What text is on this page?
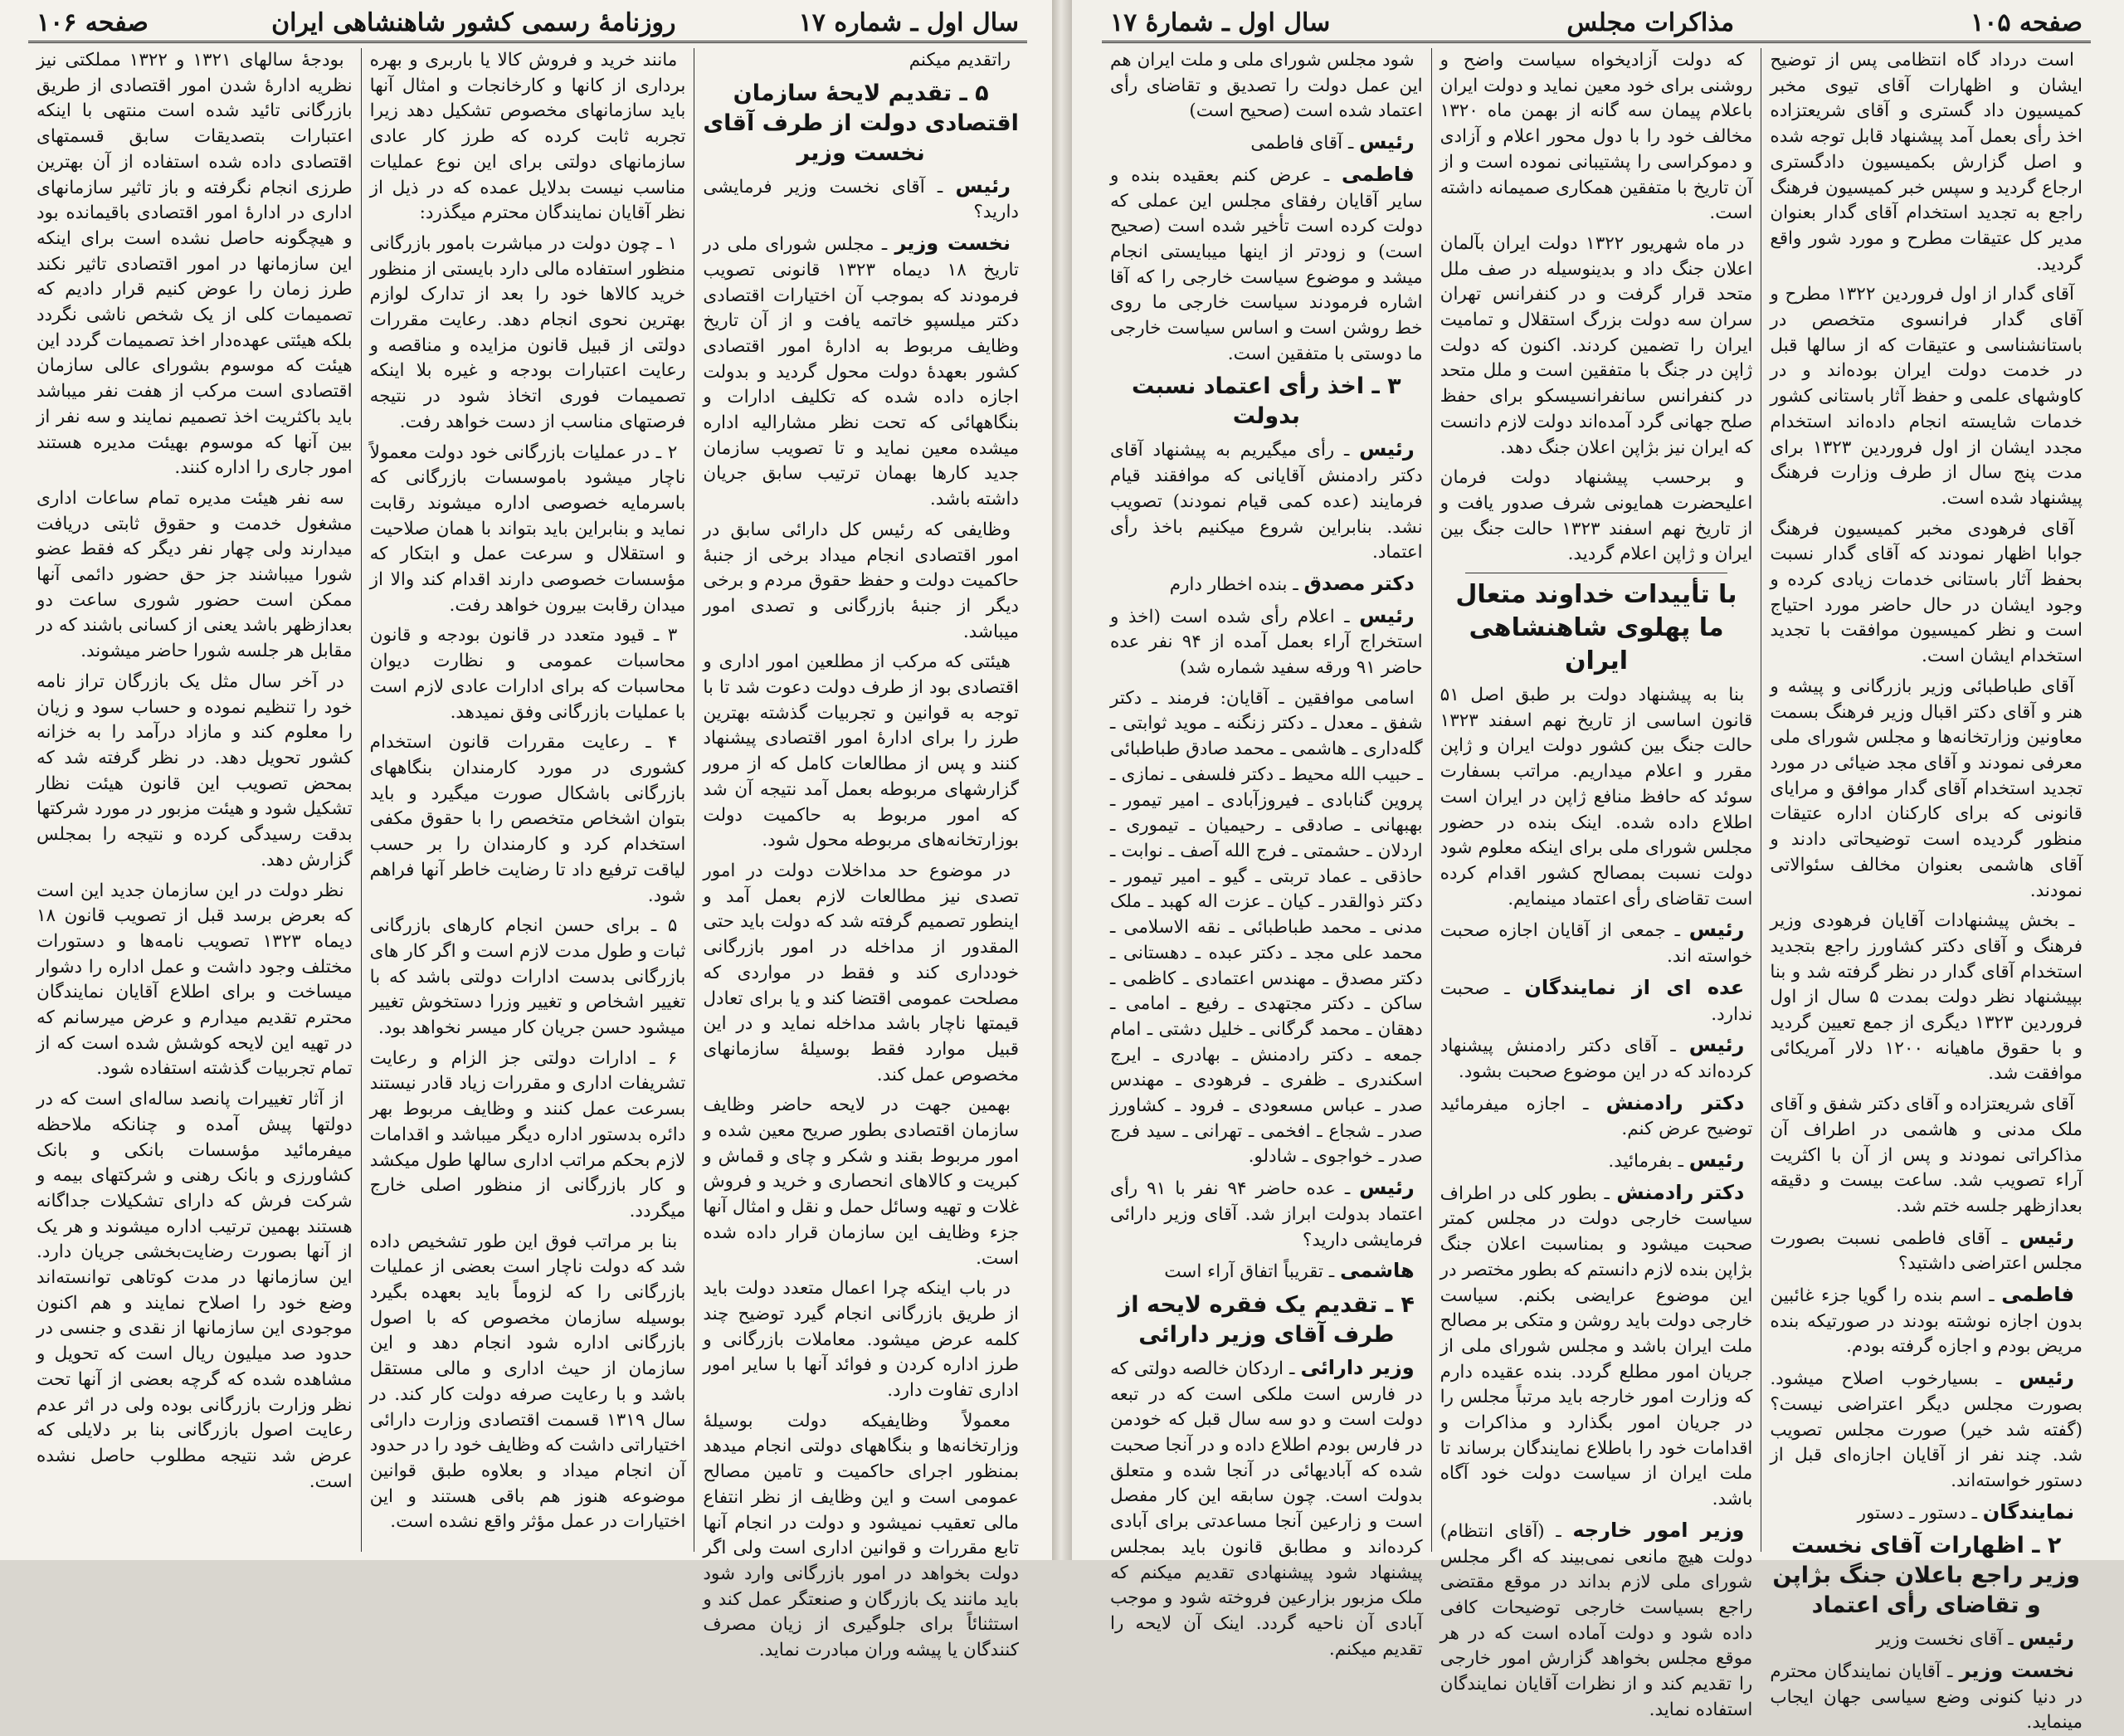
سال اول ـ شماره ۱۷
روزنامهٔ رسمی کشور شاهنشاهی ایران
صفحه ۱۰۶

راتقدیم میکنم

۵ ـ تقدیم لایحهٔ سازمان اقتصادی دولت از طرف آقای نخست وزیر

رئیس ـ آقای نخست وزیر فرمایشی دارید؟

نخست وزیر ـ مجلس شورای ملی در تاریخ ۱۸ دیماه ۱۳۲۳ قانونی تصویب فرمودند که بموجب آن اختیارات اقتصادی دکتر میلسپو خاتمه یافت و از آن تاریخ وظایف مربوط به ادارهٔ امور اقتصادی کشور بعهدهٔ دولت محول گردید و بدولت اجازه داده شده که تکلیف ادارات و بنگاههائی که تحت نظر مشارالیه اداره میشده معین نماید و تا تصویب سازمان جدید کارها بهمان ترتیب سابق جریان داشته باشد.

وظایفی که رئیس کل دارائی سابق در امور اقتصادی انجام میداد برخی از جنبهٔ حاکمیت دولت و حفظ حقوق مردم و برخی دیگر از جنبهٔ بازرگانی و تصدی امور میباشد.

هیئتی که مرکب از مطلعین امور اداری و اقتصادی بود از طرف دولت دعوت شد تا با توجه به قوانین و تجربیات گذشته بهترین طرز را برای ادارهٔ امور اقتصادی پیشنهاد کنند و پس از مطالعات کامل که از مرور گزارشهای مربوطه بعمل آمد نتیجه آن شد که امور مربوط به حاکمیت دولت بوزارتخانه‌های مربوطه محول شود.

در موضوع حد مداخلات دولت در امور تصدی نیز مطالعات لازم بعمل آمد و اینطور تصمیم گرفته شد که دولت باید حتی المقدور از مداخله در امور بازرگانی خودداری کند و فقط در مواردی که مصلحت عمومی اقتضا کند و یا برای تعادل قیمتها ناچار باشد مداخله نماید و در این قبیل موارد فقط بوسیلهٔ سازمانهای مخصوص عمل کند.

بهمین جهت در لایحه حاضر وظایف سازمان اقتصادی بطور صریح معین شده و امور مربوط بقند و شکر و چای و قماش و کبریت و کالاهای انحصاری و خرید و فروش غلات و تهیه وسائل حمل و نقل و امثال آنها جزء وظایف این سازمان قرار داده شده است.

در باب اینکه چرا اعمال متعدد دولت باید از طریق بازرگانی انجام گیرد توضیح چند کلمه عرض میشود. معاملات بازرگانی و طرز اداره کردن و فوائد آنها با سایر امور اداری تفاوت دارد.

معمولاً وظایفیکه دولت بوسیلهٔ وزارتخانه‌ها و بنگاههای دولتی انجام میدهد بمنظور اجرای حاکمیت و تامین مصالح عمومی است و این وظایف از نظر انتفاع مالی تعقیب نمیشود و دولت در انجام آنها تابع مقررات و قوانین اداری است ولی اگر دولت بخواهد در امور بازرگانی وارد شود باید مانند یک بازرگان و صنعتگر عمل کند و استثنائاً برای جلوگیری از زیان مصرف کنندگان یا پیشه وران مبادرت نماید.

مانند خرید و فروش کالا یا باربری و بهره برداری از کانها و کارخانجات و امثال آنها باید سازمانهای مخصوص تشکیل دهد زیرا تجربه ثابت کرده که طرز کار عادی سازمانهای دولتی برای این نوع عملیات مناسب نیست بدلایل عمده که در ذیل از نظر آقایان نمایندگان محترم میگذرد:

۱ ـ چون دولت در مباشرت بامور بازرگانی منظور استفاده مالی دارد بایستی از منظور خرید کالاها خود را بعد از تدارک لوازم بهترین نحوی انجام دهد. رعایت مقررات دولتی از قبیل قانون مزایده و مناقصه و رعایت اعتبارات بودجه و غیره بلا اینکه تصمیمات فوری اتخاذ شود در نتیجه فرصتهای مناسب از دست خواهد رفت.

۲ ـ در عملیات بازرگانی خود دولت معمولاً ناچار میشود باموسسات بازرگانی که باسرمایه خصوصی اداره میشوند رقابت نماید و بنابراین باید بتواند با همان صلاحیت و استقلال و سرعت عمل و ابتکار که مؤسسات خصوصی دارند اقدام کند والا از میدان رقابت بیرون خواهد رفت.

۳ ـ قیود متعدد در قانون بودجه و قانون محاسبات عمومی و نظارت دیوان محاسبات که برای ادارات عادی لازم است با عملیات بازرگانی وفق نمیدهد.

۴ ـ رعایت مقررات قانون استخدام کشوری در مورد کارمندان بنگاههای بازرگانی باشکال صورت میگیرد و باید بتوان اشخاص متخصص را با حقوق مکفی استخدام کرد و کارمندان را بر حسب لیاقت ترفیع داد تا رضایت خاطر آنها فراهم شود.

۵ ـ برای حسن انجام کارهای بازرگانی ثبات و طول مدت لازم است و اگر کار های بازرگانی بدست ادارات دولتی باشد که با تغییر اشخاص و تغییر وزرا دستخوش تغییر میشود حسن جریان کار میسر نخواهد بود.

۶ ـ ادارات دولتی جز الزام و رعایت تشریفات اداری و مقررات زیاد قادر نیستند بسرعت عمل کنند و وظایف مربوط بهر دائره بدستور اداره دیگر میباشد و اقدامات لازم بحکم مراتب اداری سالها طول میکشد و کار بازرگانی از منظور اصلی خارج میگردد.

بنا بر مراتب فوق این طور تشخیص داده شد که دولت ناچار است بعضی از عملیات بازرگانی را که لزوماً باید بعهده بگیرد بوسیله سازمان مخصوص که با اصول بازرگانی اداره شود انجام دهد و این سازمان از حیث اداری و مالی مستقل باشد و با رعایت صرفه دولت کار کند. در سال ۱۳۱۹ قسمت اقتصادی وزارت دارائی اختیاراتی داشت که وظایف خود را در حدود آن انجام میداد و بعلاوه طبق قوانین موضوعه هنوز هم باقی هستند و این اختیارات در عمل مؤثر واقع نشده است.

بودجهٔ سالهای ۱۳۲۱ و ۱۳۲۲ مملکتی نیز نظریه ادارهٔ شدن امور اقتصادی از طریق بازرگانی تائید شده است منتهی با اینکه اعتبارات بتصدیقات سابق قسمتهای اقتصادی داده شده استفاده از آن بهترین طرزی انجام نگرفته و باز تاثیر سازمانهای اداری در ادارهٔ امور اقتصادی باقیمانده بود و هیچگونه حاصل نشده است برای اینکه این سازمانها در امور اقتصادی تاثیر نکند طرز زمان را عوض کنیم قرار دادیم که تصمیمات کلی از یک شخص ناشی نگردد بلکه هیئتی عهده‌دار اخذ تصمیمات گردد این هیئت که موسوم بشورای عالی سازمان اقتصادی است مرکب از هفت نفر میباشد باید باکثریت اخذ تصمیم نمایند و سه نفر از بین آنها که موسوم بهیئت مدیره هستند امور جاری را اداره کنند.

سه نفر هیئت مدیره تمام ساعات اداری مشغول خدمت و حقوق ثابتی دریافت میدارند ولی چهار نفر دیگر که فقط عضو شورا میباشند جز حق حضور دائمی آنها ممکن است حضور شوری ساعت دو بعدازظهر باشد یعنی از کسانی باشند که در مقابل هر جلسه شورا حاضر میشوند.

در آخر سال مثل یک بازرگان تراز نامه خود را تنظیم نموده و حساب سود و زیان را معلوم کند و مازاد درآمد را به خزانه کشور تحویل دهد. در نظر گرفته شد که بمحض تصویب این قانون هیئت نظار تشکیل شود و هیئت مزبور در مورد شرکتها بدقت رسیدگی کرده و نتیجه را بمجلس گزارش دهد.

نظر دولت در این سازمان جدید این است که بعرض برسد قبل از تصویب قانون ۱۸ دیماه ۱۳۲۳ تصویب نامه‌ها و دستورات مختلف وجود داشت و عمل اداره را دشوار میساخت و برای اطلاع آقایان نمایندگان محترم تقدیم میدارم و عرض میرسانم که در تهیه این لایحه کوشش شده است که از تمام تجربیات گذشته استفاده شود.

از آثار تغییرات پانصد ساله‌ای است که در دولتها پیش آمده و چنانکه ملاحظه میفرمائید مؤسسات بانکی و بانک کشاورزی و بانک رهنی و شرکتهای بیمه و شرکت فرش که دارای تشکیلات جداگانه هستند بهمین ترتیب اداره میشوند و هر یک از آنها بصورت رضایت‌بخشی جریان دارد. این سازمانها در مدت کوتاهی توانسته‌اند وضع خود را اصلاح نمایند و هم اکنون موجودی این سازمانها از نقدی و جنسی در حدود صد میلیون ریال است که تحویل و مشاهده شده که گرچه بعضی از آنها تحت نظر وزارت بازرگانی بوده ولی در اثر عدم رعایت اصول بازرگانی بنا بر دلایلی که عرض شد نتیجه مطلوب حاصل نشده است.

صفحه ۱۰۵
مذاکرات مجلس
سال اول ـ شمارهٔ ۱۷

است درداد گاه انتظامی پس از توضیح ایشان و اظهارات آقای تیوی مخبر کمیسیون داد گستری و آقای شریعتزاده اخذ رأی بعمل آمد پیشنهاد قابل توجه شده و اصل گزارش بکمیسیون دادگستری ارجاع گردید و سپس خبر کمیسیون فرهنگ راجع به تجدید استخدام آقای گدار بعنوان مدیر کل عتیقات مطرح و مورد شور واقع گردید.

آقای گدار از اول فروردین ۱۳۲۲ مطرح و آقای گدار فرانسوی متخصص در باستانشناسی و عتیقات که از سالها قبل در خدمت دولت ایران بوده‌اند و در کاوشهای علمی و حفظ آثار باستانی کشور خدمات شایسته انجام داده‌اند استخدام مجدد ایشان از اول فروردین ۱۳۲۳ برای مدت پنج سال از طرف وزارت فرهنگ پیشنهاد شده است.

آقای فرهودی مخبر کمیسیون فرهنگ جوابا اظهار نمودند که آقای گدار نسبت بحفظ آثار باستانی خدمات زیادی کرده و وجود ایشان در حال حاضر مورد احتیاج است و نظر کمیسیون موافقت با تجدید استخدام ایشان است.

آقای طباطبائی وزیر بازرگانی و پیشه و هنر و آقای دکتر اقبال وزیر فرهنگ بسمت معاونین وزارتخانه‌ها و مجلس شورای ملی معرفی نمودند و آقای مجد ضیائی در مورد تجدید استخدام آقای گدار موافق و مرایای قانونی که برای کارکنان اداره عتیقات منظور گردیده است توضیحاتی دادند و آقای هاشمی بعنوان مخالف سئوالاتی نمودند.

ـ بخش پیشنهادات آقایان فرهودی وزیر فرهنگ و آقای دکتر کشاورز راجع بتجدید استخدام آقای گدار در نظر گرفته شد و بنا بپیشنهاد نظر دولت بمدت ۵ سال از اول فروردین ۱۳۲۳ دیگری از جمع تعیین گردید و با حقوق ماهیانه ۱۲۰۰ دلار آمریکائی موافقت شد.

آقای شریعتزاده و آقای دکتر شفق و آقای ملک مدنی و هاشمی در اطراف آن مذاکراتی نمودند و پس از آن با اکثریت آراء تصویب شد. ساعت بیست و دقیقه بعدازظهر جلسه ختم شد.

رئیس ـ آقای فاطمی نسبت بصورت مجلس اعتراضی داشتید؟

فاطمی ـ اسم بنده را گویا جزء غائبین بدون اجازه نوشته بودند در صورتیکه بنده مریض بودم و اجازه گرفته بودم.

رئیس ـ بسیارخوب اصلاح میشود. بصورت مجلس دیگر اعتراضی نیست؟ (گفته شد خیر) صورت مجلس تصویب شد. چند نفر از آقایان اجازه‌ای قبل از دستور خواسته‌اند.

نمایندگان ـ دستور ـ دستور

۲ ـ اظهارات آقای نخست وزیر راجع باعلان جنگ بژاپن و تقاضای رأی اعتماد

رئیس ـ آقای نخست وزیر

نخست وزیر ـ آقایان نمایندگان محترم در دنیا کنونی وضع سیاسی جهان ایجاب مینماید.

که دولت آزادیخواه سیاست واضح و روشنی برای خود معین نماید و دولت ایران باعلام پیمان سه گانه از بهمن ماه ۱۳۲۰ مخالف خود را با دول محور اعلام و آزادی و دموکراسی را پشتیبانی نموده است و از آن تاریخ با متفقین همکاری صمیمانه داشته است.

در ماه شهریور ۱۳۲۲ دولت ایران بآلمان اعلان جنگ داد و بدینوسیله در صف ملل متحد قرار گرفت و در کنفرانس تهران سران سه دولت بزرگ استقلال و تمامیت ایران را تضمین کردند. اکنون که دولت ژاپن در جنگ با متفقین است و ملل متحد در کنفرانس سانفرانسیسکو برای حفظ صلح جهانی گرد آمده‌اند دولت لازم دانست که ایران نیز بژاپن اعلان جنگ دهد.

و برحسب پیشنهاد دولت فرمان اعلیحضرت همایونی شرف صدور یافت و از تاریخ نهم اسفند ۱۳۲۳ حالت جنگ بین ایران و ژاپن اعلام گردید.

با تأییدات خداوند متعال ما پهلوی شاهنشاهی ایران

بنا به پیشنهاد دولت بر طبق اصل ۵۱ قانون اساسی از تاریخ نهم اسفند ۱۳۲۳ حالت جنگ بین کشور دولت ایران و ژاپن مقرر و اعلام میداریم. مراتب بسفارت سوئد که حافظ منافع ژاپن در ایران است اطلاع داده شده. اینک بنده در حضور مجلس شورای ملی برای اینکه معلوم شود دولت نسبت بمصالح کشور اقدام کرده است تقاضای رأی اعتماد مینمایم.

رئیس ـ جمعی از آقایان اجازه صحبت خواسته اند.

عده ای از نمایندگان ـ صحبت ندارد.

رئیس ـ آقای دکتر رادمنش پیشنهاد کرده‌اند که در این موضوع صحبت بشود.

دکتر رادمنش ـ اجازه میفرمائید توضیح عرض کنم.

رئیس ـ بفرمائید.

دکتر رادمنش ـ بطور کلی در اطراف سیاست خارجی دولت در مجلس کمتر صحبت میشود و بمناسبت اعلان جنگ بژاپن بنده لازم دانستم که بطور مختصر در این موضوع عرایضی بکنم. سیاست خارجی دولت باید روشن و متکی بر مصالح ملت ایران باشد و مجلس شورای ملی از جریان امور مطلع گردد. بنده عقیده دارم که وزارت امور خارجه باید مرتباً مجلس را در جریان امور بگذارد و مذاکرات و اقدامات خود را باطلاع نمایندگان برساند تا ملت ایران از سیاست دولت خود آگاه باشد.

وزیر امور خارجه ـ (آقای انتظام) دولت هیچ مانعی نمی‌بیند که اگر مجلس شورای ملی لازم بداند در موقع مقتضی راجع بسیاست خارجی توضیحات کافی داده شود و دولت آماده است که در هر موقع مجلس بخواهد گزارش امور خارجی را تقدیم کند و از نظرات آقایان نمایندگان استفاده نماید.

شود مجلس شورای ملی و ملت ایران هم این عمل دولت را تصدیق و تقاضای رأی اعتماد شده است (صحیح است)

رئیس ـ آقای فاطمی

فاطمی ـ عرض کنم بعقیده بنده و سایر آقایان رفقای مجلس این عملی که دولت کرده است تأخیر شده است (صحیح است) و زودتر از اینها میبایستی انجام میشد و موضوع سیاست خارجی را که آقا اشاره فرمودند سیاست خارجی ما روی خط روشن است و اساس سیاست خارجی ما دوستی با متفقین است.

۳ ـ اخذ رأی اعتماد نسبت بدولت

رئیس ـ رأی میگیریم به پیشنهاد آقای دکتر رادمنش آقایانی که موافقند قیام فرمایند (عده کمی قیام نمودند) تصویب نشد. بنابراین شروع میکنیم باخذ رأی اعتماد.

دکتر مصدق ـ بنده اخطار دارم

رئیس ـ اعلام رأی شده است (اخذ و استخراج آراء بعمل آمده از ۹۴ نفر عده حاضر ۹۱ ورقه سفید شماره شد)

اسامی موافقین ـ آقایان: فرمند ـ دکتر شفق ـ معدل ـ دکتر زنگنه ـ موید ثوابتی ـ گله‌داری ـ هاشمی ـ محمد صادق طباطبائی ـ حبیب الله محیط ـ دکتر فلسفی ـ نمازی ـ پروین گنابادی ـ فیروزآبادی ـ امیر تیمور ـ بهبهانی ـ صادقی ـ رحیمیان ـ تیموری ـ اردلان ـ حشمتی ـ فرج الله آصف ـ نوابت ـ حاذقی ـ عماد تربتی ـ گیو ـ امیر تیمور ـ دکتر ذوالقدر ـ کیان ـ عزت اله کهبد ـ ملک مدنی ـ محمد طباطبائی ـ نقه الاسلامی ـ محمد علی مجد ـ دکتر عبده ـ دهستانی ـ دکتر مصدق ـ مهندس اعتمادی ـ کاظمی ـ ساکن ـ دکتر مجتهدی ـ رفیع ـ امامی ـ دهقان ـ محمد گرگانی ـ خلیل دشتی ـ امام جمعه ـ دکتر رادمنش ـ بهادری ـ ایرج اسکندری ـ ظفری ـ فرهودی ـ مهندس صدر ـ عباس مسعودی ـ فرود ـ کشاورز صدر ـ شجاع ـ افخمی ـ تهرانی ـ سید فرج صدر ـ خواجوی ـ شادلو.

رئیس ـ عده حاضر ۹۴ نفر با ۹۱ رأی اعتماد بدولت ابراز شد. آقای وزیر دارائی فرمایشی دارید؟

هاشمی ـ تقریباً اتفاق آراء است

۴ ـ تقدیم یک فقره لایحه از طرف آقای وزیر دارائی

وزیر دارائی ـ اردکان خالصه دولتی که در فارس است ملکی است که در تبعه دولت است و دو سه سال قبل که خودمن در فارس بودم اطلاع داده و در آنجا صحبت شده که آبادیهائی در آنجا شده و متعلق بدولت است. چون سابقه این کار مفصل است و زارعین آنجا مساعدتی برای آبادی کرده‌اند و مطابق قانون باید بمجلس پیشنهاد شود پیشنهادی تقدیم میکنم که ملک مزبور بزارعین فروخته شود و موجب آبادی آن ناحیه گردد. اینک آن لایحه را تقدیم میکنم.
